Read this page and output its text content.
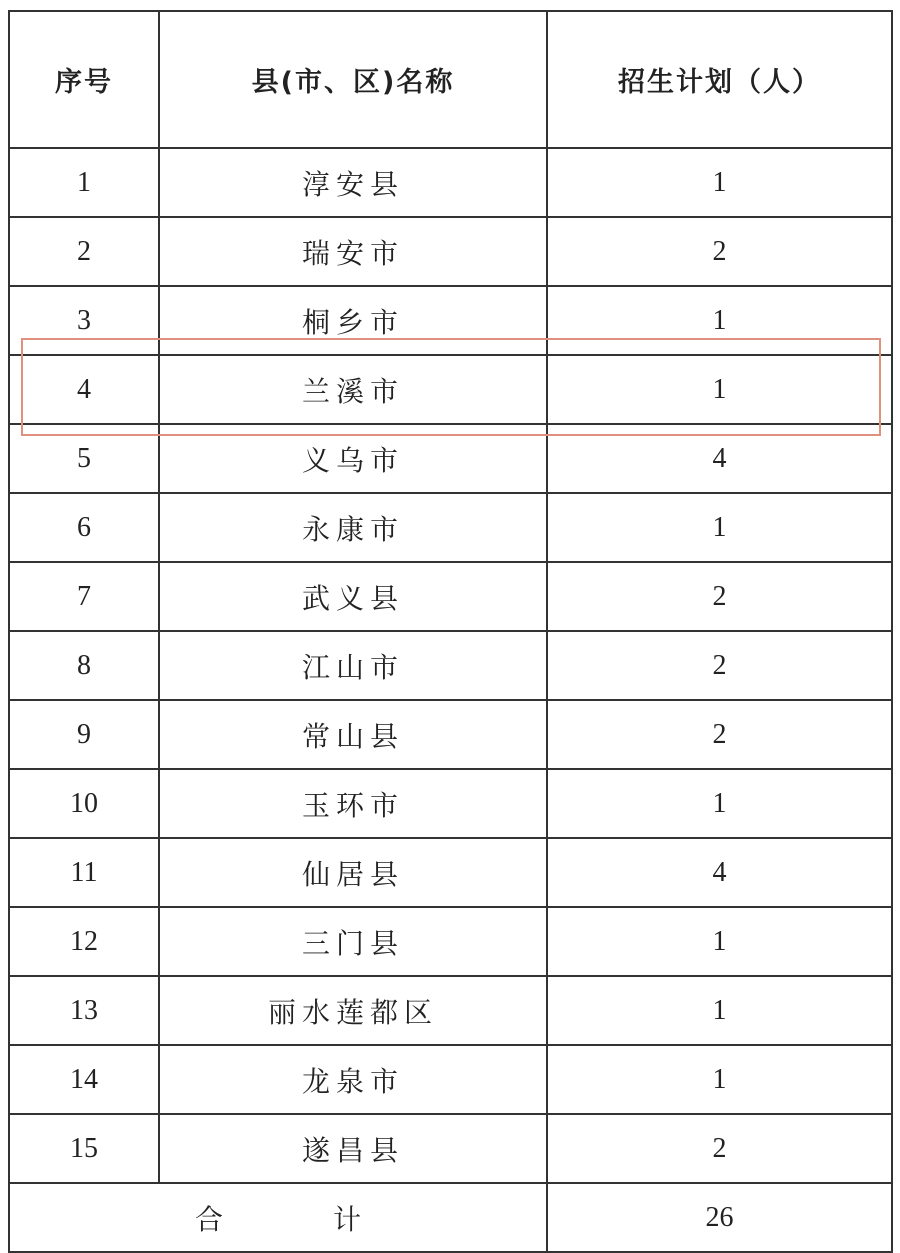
序号	县(市、区)名称	招生计划（人）
1	淳安县	1
2	瑞安市	2
3	桐乡市	1
4	兰溪市	1
5	义乌市	4
6	永康市	1
7	武义县	2
8	江山市	2
9	常山县	2
10	玉环市	1
11	仙居县	4
12	三门县	1
13	丽水莲都区	1
14	龙泉市	1
15	遂昌县	2
合 计		26
